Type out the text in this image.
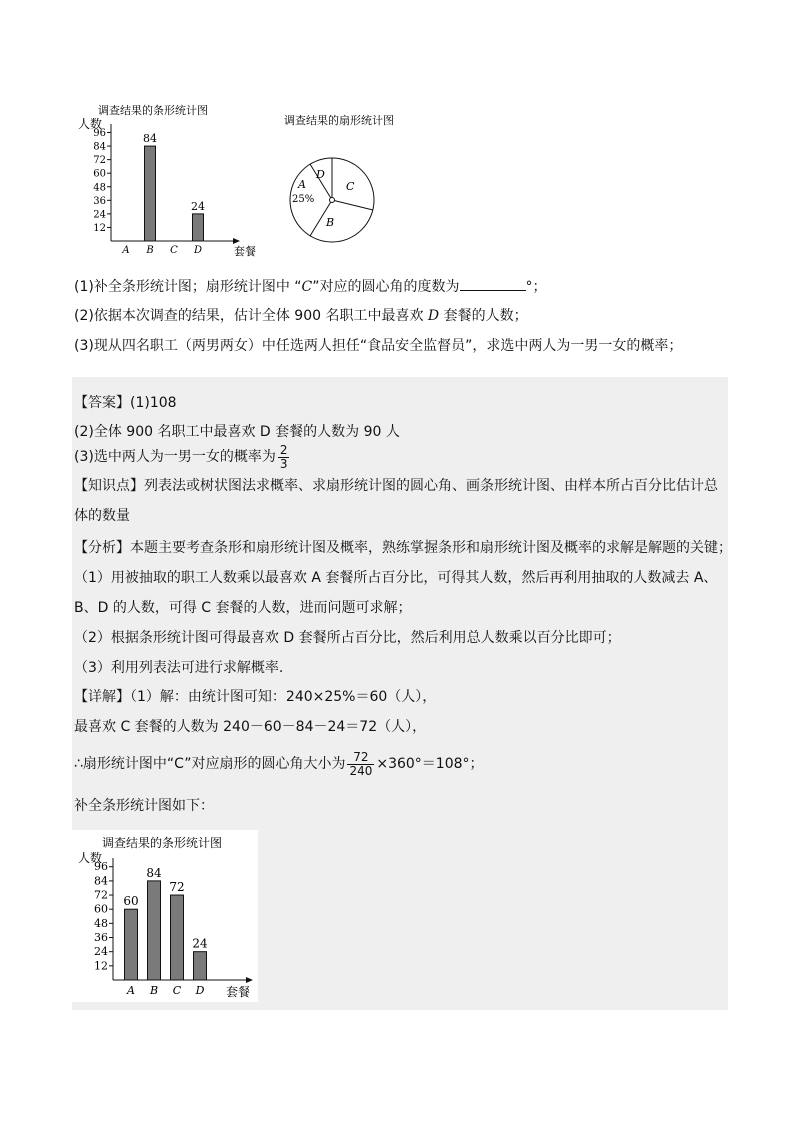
调查结果的条形统计图
人数
套餐
12
24
36
48
60
72
84
96	84
24
A B C D
调查结果的扇形统计图
D
C
A
25%
B
(1)补全条形统计图；扇形统计图中 “C”对应的圆心角的度数为	°；
(2)依据本次调查的结果，估计全体 900 名职工中最喜欢 D 套餐的人数；
(3)现从四名职工（两男两女）中任选两人担任“食品安全监督员”，求选中两人为一男一女的概率；
【答案】(1)108
(2)全体 900 名职工中最喜欢 D 套餐的人数为 90 人
(3)选中两人为一男一女的概率为 $\frac{2}{3}$
【知识点】列表法或树状图法求概率、求扇形统计图的圆心角、画条形统计图、由样本所占百分比估计总
体的数量
【分析】本题主要考查条形和扇形统计图及概率，熟练掌握条形和扇形统计图及概率的求解是解题的关键；
（1）用被抽取的职工人数乘以最喜欢 A 套餐所占百分比，可得其人数，然后再利用抽取的人数减去 A、
B、D 的人数，可得 C 套餐的人数，进而问题可求解；
（2）根据条形统计图可得最喜欢 D 套餐所占百分比，然后利用总人数乘以百分比即可；
（3）利用列表法可进行求解概率.
【详解】（1）解：由统计图可知：240×25%＝60（人），
最喜欢 C 套餐的人数为 240－60－84－24＝72（人），
∴扇形统计图中“C”对应扇形的圆心角大小为 $\frac{72}{240} \times 360^\circ=108^\circ$；
补全条形统计图如下：
调查结果的条形统计图
人数
套餐
12
24
36
48
60
72
84
96
60
84
72
24
A B C D
